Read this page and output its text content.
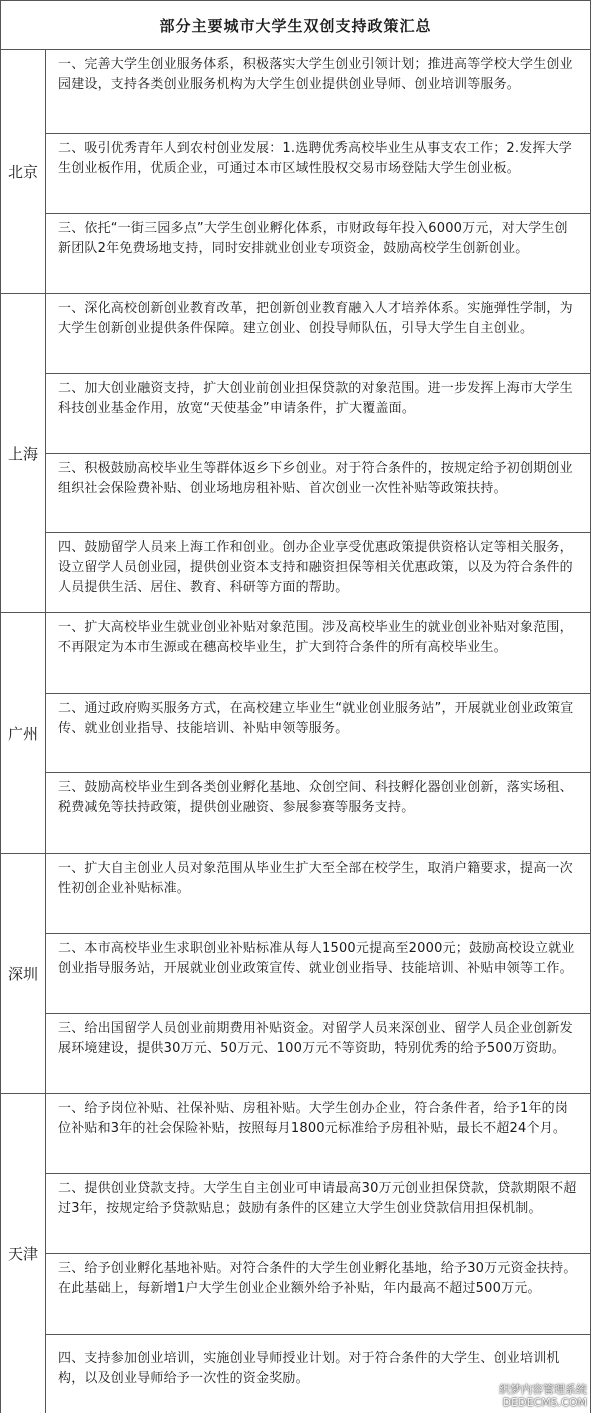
部分主要城市大学生双创支持政策汇总
北京
一、完善大学生创业服务体系，积极落实大学生创业引领计划；推进高等学校大学生创业园建设，支持各类创业服务机构为大学生创业提供创业导师、创业培训等服务。
二、吸引优秀青年人到农村创业发展：1.选聘优秀高校毕业生从事支农工作；2.发挥大学生创业板作用，优质企业，可通过本市区域性股权交易市场登陆大学生创业板。
三、依托“一街三园多点”大学生创业孵化体系，市财政每年投入6000万元，对大学生创新团队2年免费场地支持，同时安排就业创业专项资金，鼓励高校学生创新创业。
上海
一、深化高校创新创业教育改革，把创新创业教育融入人才培养体系。实施弹性学制，为大学生创新创业提供条件保障。建立创业、创投导师队伍，引导大学生自主创业。
二、加大创业融资支持，扩大创业前创业担保贷款的对象范围。进一步发挥上海市大学生科技创业基金作用，放宽“天使基金”申请条件，扩大覆盖面。
三、积极鼓励高校毕业生等群体返乡下乡创业。对于符合条件的，按规定给予初创期创业组织社会保险费补贴、创业场地房租补贴、首次创业一次性补贴等政策扶持。
四、鼓励留学人员来上海工作和创业。创办企业享受优惠政策提供资格认定等相关服务，设立留学人员创业园，提供创业资本支持和融资担保等相关优惠政策，以及为符合条件的人员提供生活、居住、教育、科研等方面的帮助。
广州
一、扩大高校毕业生就业创业补贴对象范围。涉及高校毕业生的就业创业补贴对象范围，不再限定为本市生源或在穗高校毕业生，扩大到符合条件的所有高校毕业生。
二、通过政府购买服务方式，在高校建立毕业生“就业创业服务站”，开展就业创业政策宣传、就业创业指导、技能培训、补贴申领等服务。
三、鼓励高校毕业生到各类创业孵化基地、众创空间、科技孵化器创业创新，落实场租、税费减免等扶持政策，提供创业融资、参展参赛等服务支持。
深圳
一、扩大自主创业人员对象范围从毕业生扩大至全部在校学生，取消户籍要求，提高一次性初创企业补贴标准。
二、本市高校毕业生求职创业补贴标准从每人1500元提高至2000元；鼓励高校设立就业创业指导服务站，开展就业创业政策宣传、就业创业指导、技能培训、补贴申领等工作。
三、给出国留学人员创业前期费用补贴资金。对留学人员来深创业、留学人员企业创新发展环境建设，提供30万元、50万元、100万元不等资助，特别优秀的给予500万资助。
天津
一、给予岗位补贴、社保补贴、房租补贴。大学生创办企业，符合条件者，给予1年的岗位补贴和3年的社会保险补贴，按照每月1800元标准给予房租补贴，最长不超24个月。
二、提供创业贷款支持。大学生自主创业可申请最高30万元创业担保贷款，贷款期限不超过3年，按规定给予贷款贴息；鼓励有条件的区建立大学生创业贷款信用担保机制。
三、给予创业孵化基地补贴。对符合条件的大学生创业孵化基地，给予30万元资金扶持。在此基础上，每新增1户大学生创业企业额外给予补贴，年内最高不超过500万元。
四、支持参加创业培训，实施创业导师授业计划。对于符合条件的大学生、创业培训机构，以及创业导师给予一次性的资金奖励。
织梦内容管理系统
DEDECMS.COM
